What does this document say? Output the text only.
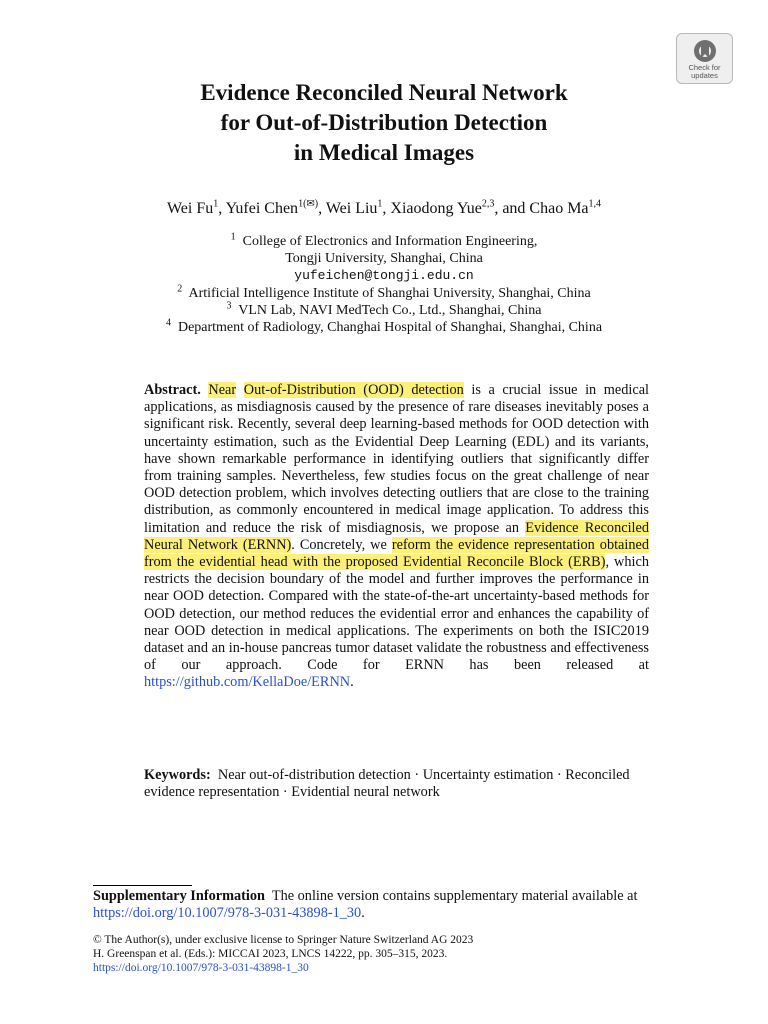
Check for
updates
Evidence Reconciled Neural Network
for Out-of-Distribution Detection
in Medical Images

Wei Fu$^1$, Yufei Chen$^{1(✉)}$, Wei Liu$^1$, Xiaodong Yue$^{2,3}$, and Chao Ma$^{1,4}$

$^1$ College of Electronics and Information Engineering,

Tongji University, Shanghai, China

yufeichen@tongji.edu.cn

$^2$ Artificial Intelligence Institute of Shanghai University, Shanghai, China

$^3$ VLN Lab, NAVI MedTech Co., Ltd., Shanghai, China

$^4$ Department of Radiology, Changhai Hospital of Shanghai, Shanghai, China

Abstract. Near Out-of-Distribution (OOD) detection is a crucial issue in medical applications, as misdiagnosis caused by the presence of rare diseases inevitably poses a significant risk. Recently, several deep learning-based methods for OOD detection with uncertainty estimation, such as the Evidential Deep Learning (EDL) and its variants, have shown remarkable performance in identifying outliers that significantly differ from training samples. Nevertheless, few studies focus on the great challenge of near OOD detection problem, which involves detecting outliers that are close to the training distribution, as commonly encountered in medical image application. To address this limitation and reduce the risk of misdiagnosis, we propose an Evidence Reconciled Neural Network (ERNN). Concretely, we reform the evidence representation obtained from the evidential head with the proposed Evidential Reconcile Block (ERB), which restricts the decision boundary of the model and further improves the performance in near OOD detection. Compared with the state-of-the-art uncertainty-based methods for OOD detection, our method reduces the evidential error and enhances the capability of near OOD detection in medical applications. The experiments on both the ISIC2019 dataset and an in-house pancreas tumor dataset validate the robustness and effectiveness of our approach. Code for ERNN has been released at https://github.com/KellaDoe/ERNN.

Keywords: Near out-of-distribution detection · Uncertainty estimation · Reconciled evidence representation · Evidential neural network

Supplementary Information The online version contains supplementary material available at https://doi.org/10.1007/978-3-031-43898-1_30.

© The Author(s), under exclusive license to Springer Nature Switzerland AG 2023
H. Greenspan et al. (Eds.): MICCAI 2023, LNCS 14222, pp. 305–315, 2023.
https://doi.org/10.1007/978-3-031-43898-1_30
